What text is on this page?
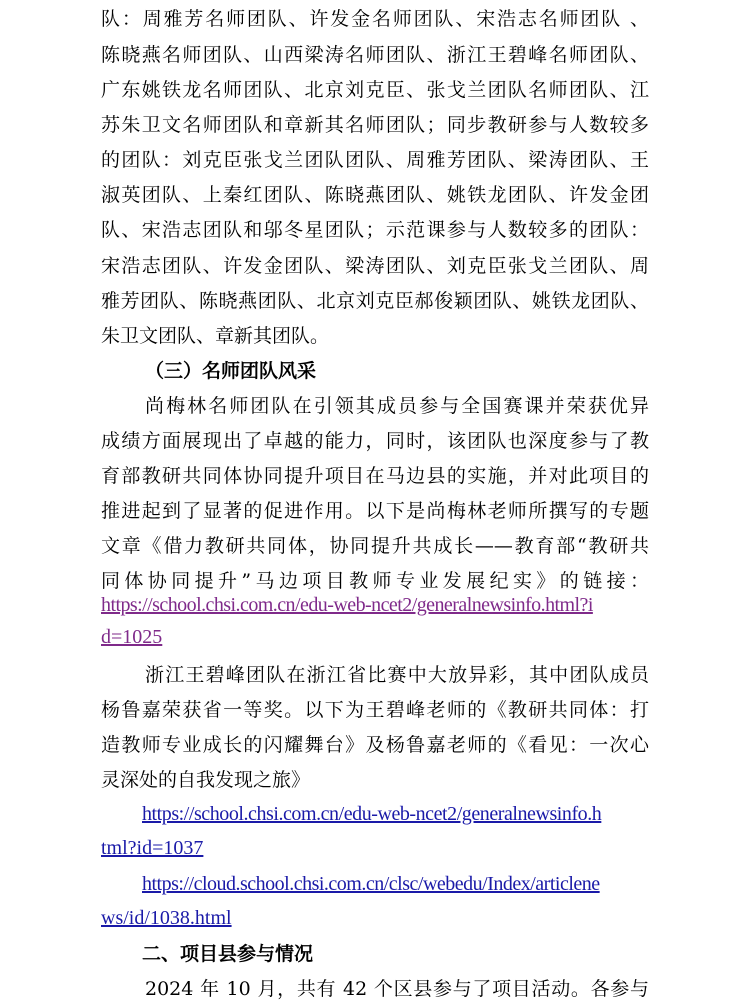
队：周雅芳名师团队、许发金名师团队、宋浩志名师团队 、
陈晓燕名师团队、山西梁涛名师团队、浙江王碧峰名师团队、
广东姚铁龙名师团队、北京刘克臣、张戈兰团队名师团队、江
苏朱卫文名师团队和章新其名师团队；同步教研参与人数较多
的团队：刘克臣张戈兰团队团队、周雅芳团队、梁涛团队、王
淑英团队、上秦红团队、陈晓燕团队、姚铁龙团队、许发金团
队、宋浩志团队和邬冬星团队；示范课参与人数较多的团队：
宋浩志团队、许发金团队、梁涛团队、刘克臣张戈兰团队、周
雅芳团队、陈晓燕团队、北京刘克臣郝俊颖团队、姚铁龙团队、
朱卫文团队、章新其团队。
（三）名师团队风采
尚梅林名师团队在引领其成员参与全国赛课并荣获优异
成绩方面展现出了卓越的能力，同时，该团队也深度参与了教
育部教研共同体协同提升项目在马边县的实施，并对此项目的
推进起到了显著的促进作用。以下是尚梅林老师所撰写的专题
文章《借力教研共同体，协同提升共成长——教育部“教研共
同体协同提升”马边项目教师专业发展纪实》的链接：
https://school.chsi.com.cn/edu-web-ncet2/generalnewsinfo.html?i
d=1025
浙江王碧峰团队在浙江省比赛中大放异彩，其中团队成员
杨鲁嘉荣获省一等奖。以下为王碧峰老师的《教研共同体：打
造教师专业成长的闪耀舞台》及杨鲁嘉老师的《看见：一次心
灵深处的自我发现之旅》
https://school.chsi.com.cn/edu-web-ncet2/generalnewsinfo.h
tml?id=1037
https://cloud.school.chsi.com.cn/clsc/webedu/Index/articlene
ws/id/1038.html
二、项目县参与情况
2024 年 10 月，共有 42 个区县参与了项目活动。各参与
